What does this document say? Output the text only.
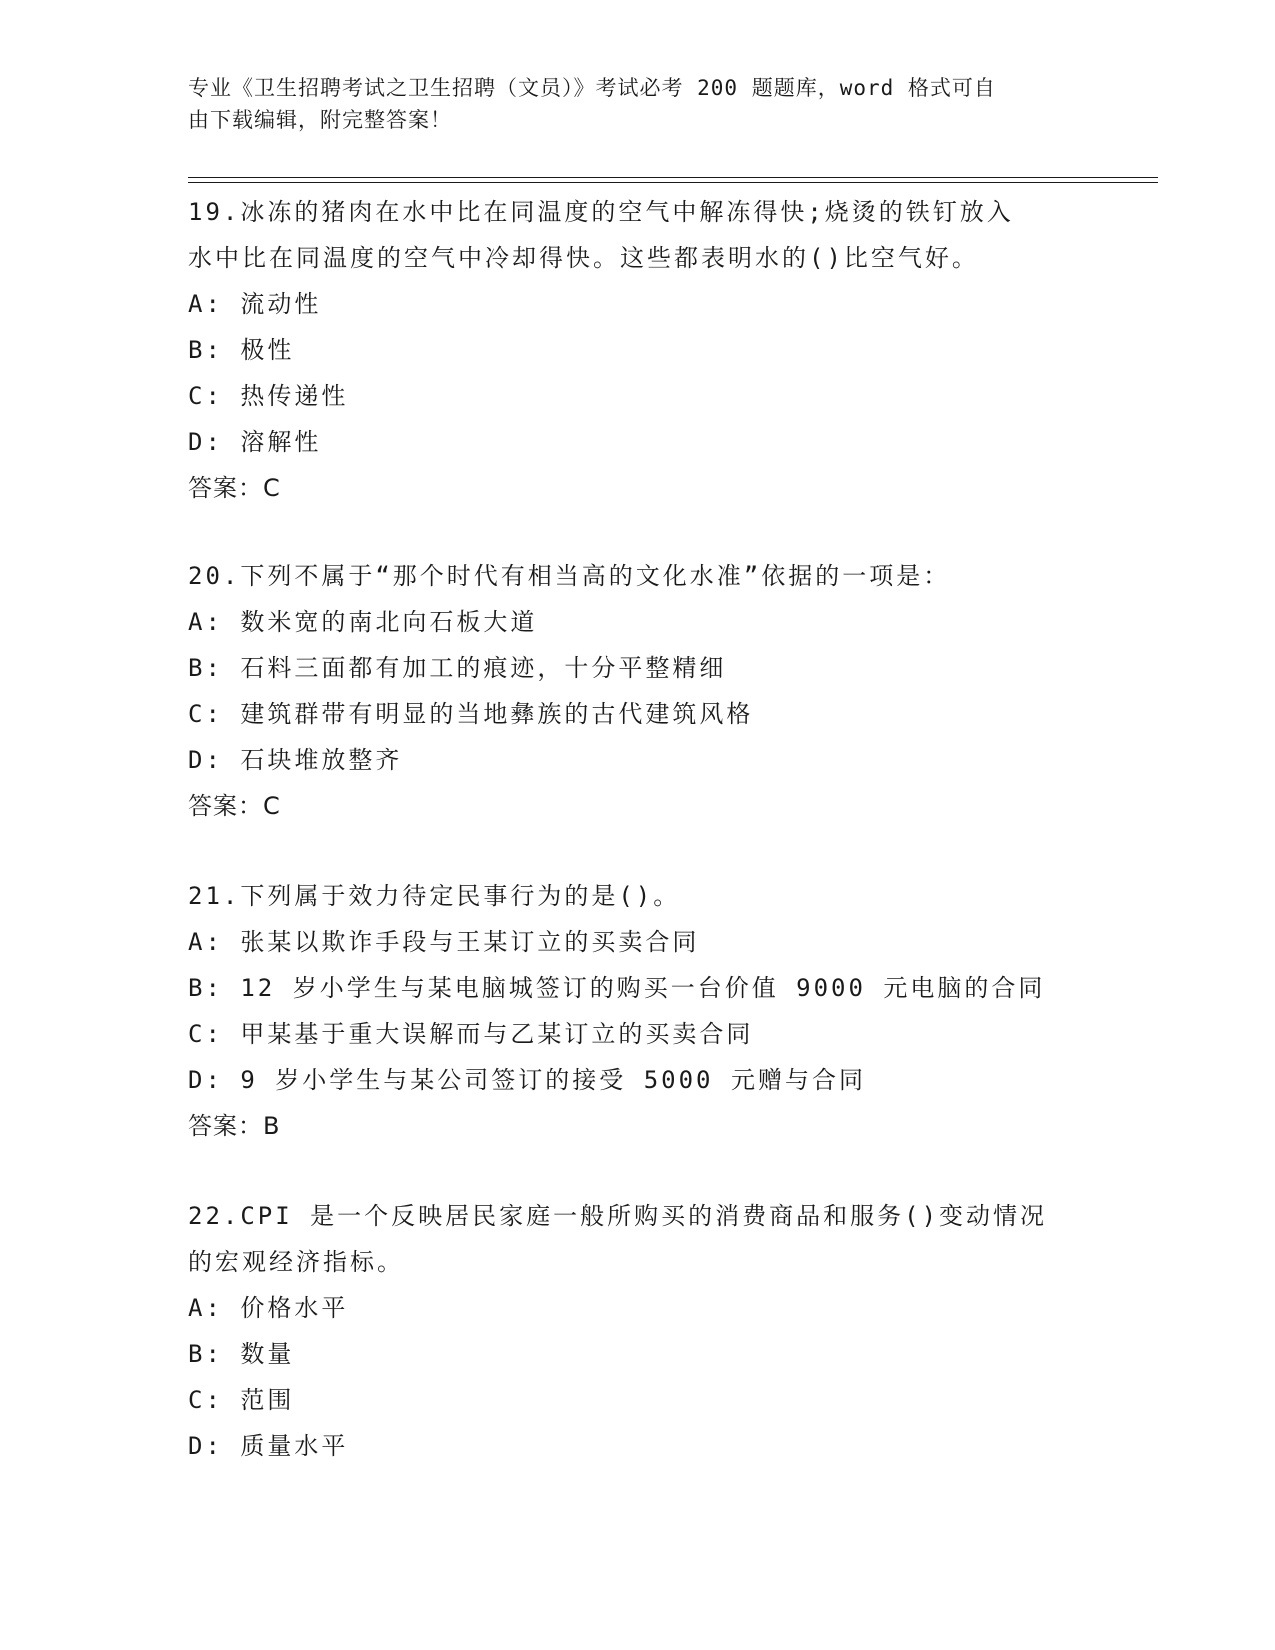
专业《卫生招聘考试之卫生招聘（文员）》考试必考 200 题题库，word 格式可自
由下载编辑，附完整答案！
19.冰冻的猪肉在水中比在同温度的空气中解冻得快;烧烫的铁钉放入
水中比在同温度的空气中冷却得快。这些都表明水的()比空气好。
A: 流动性
B: 极性
C: 热传递性
D: 溶解性
答案：C
20.下列不属于“那个时代有相当高的文化水准”依据的一项是：
A: 数米宽的南北向石板大道
B: 石料三面都有加工的痕迹，十分平整精细
C: 建筑群带有明显的当地彝族的古代建筑风格
D: 石块堆放整齐
答案：C
21.下列属于效力待定民事行为的是()。
A: 张某以欺诈手段与王某订立的买卖合同
B: 12 岁小学生与某电脑城签订的购买一台价值 9000 元电脑的合同
C: 甲某基于重大误解而与乙某订立的买卖合同
D: 9 岁小学生与某公司签订的接受 5000 元赠与合同
答案：B
22.CPI 是一个反映居民家庭一般所购买的消费商品和服务()变动情况
的宏观经济指标。
A: 价格水平
B: 数量
C: 范围
D: 质量水平
